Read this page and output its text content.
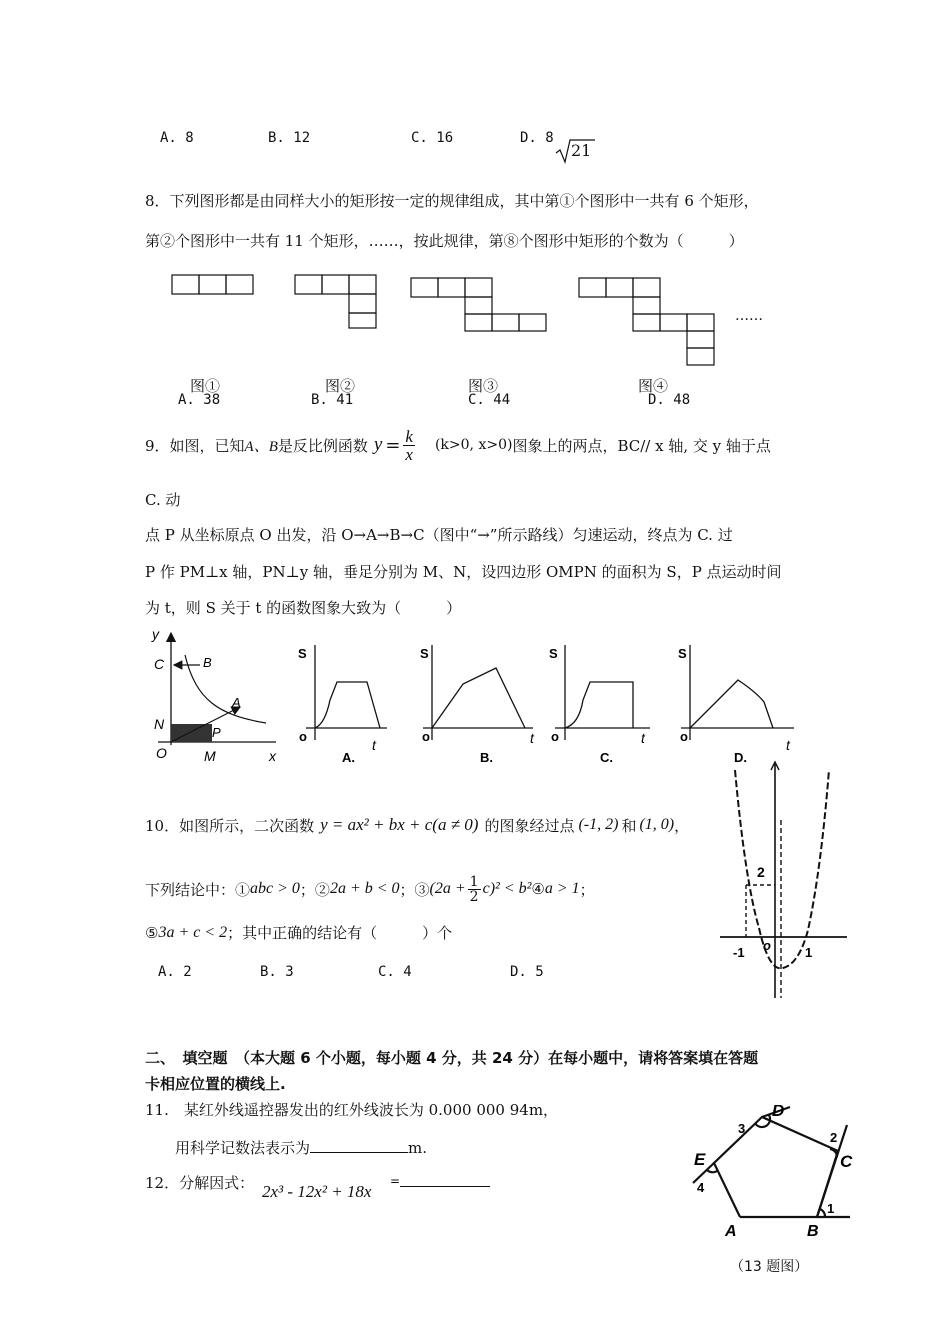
A. 8	B. 12	C. 16	D. 8
21
8．下列图形都是由同样大小的矩形按一定的规律组成，其中第①个图形中一共有 6 个矩形，
第②个图形中一共有 11 个矩形，……，按此规律，第⑧个图形中矩形的个数为（　　　）
……
图①	图②	图③	图④
A. 38	B. 41	C. 44	D. 48
9．如图，已知 A、B 是反比例函数 $y = \frac{k}{x} (k>0$, x>0) 图象上的两点， BC// x 轴, 交 y 轴于点
C. 动
点 P 从坐标原点 O 出发，沿 O→A→B→C（图中“→”所示路线）匀速运动，终点为 C. 过
P 作 PM⊥x 轴，PN⊥y 轴，垂足分别为 M、N，设四边形 OMPN 的面积为 S，P 点运动时间
为 t，则 S 关于 t 的函数图象大致为（　　　）
y
C	B
A
N
P
O	M	x
S
o
t
A.
S
o	t
B.
S
o	t
C.
S
o
t
D.
10．如图所示，二次函数 y = ax² + bx + c(a ≠ 0) 的图象经过点 (-1, 2) 和 (1, 0) ，
下列结论中：① abc > 0 ；② 2a + b < 0 ；③ $(2a + \frac{1}{2} c)^2 < b^2$ ④ a > 1 ；
⑤ 3a + c < 2 ；其中正确的结论有（　　　）个
A. 2	B. 3	C. 4	D. 5
2
-1 o	1
二、　填空题　（本大题 6 个小题，每小题 4 分，共 24 分）在每小题中，请将答案填在答题
卡相应位置的横线上.
11.　某红外线遥控器发出的红外线波长为 0.000 000 94m，
用科学记数法表示为	m.
12．分解因式： 2x³ - 12x² + 18x
=
D
C
E
A	B
1
2
3
4
（13 题图）
